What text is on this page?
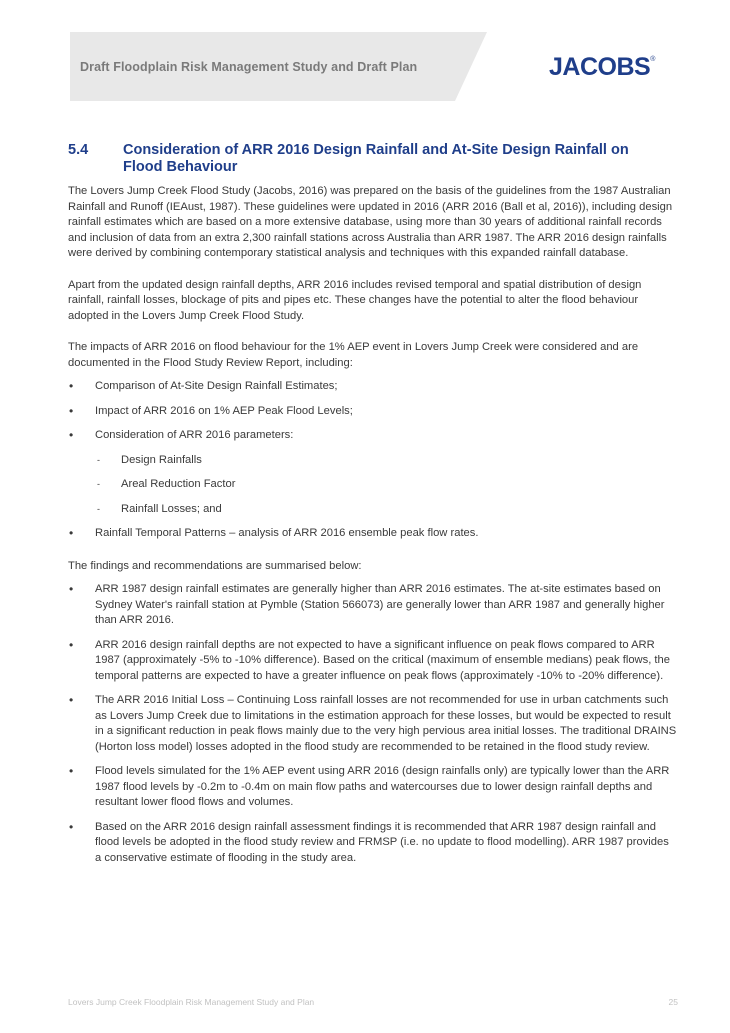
Draft Floodplain Risk Management Study and Draft Plan	JACOBS®
5.4	Consideration of ARR 2016 Design Rainfall and At-Site Design Rainfall on Flood Behaviour

The Lovers Jump Creek Flood Study (Jacobs, 2016) was prepared on the basis of the guidelines from the 1987 Australian Rainfall and Runoff (IEAust, 1987). These guidelines were updated in 2016 (ARR 2016 (Ball et al, 2016)), including design rainfall estimates which are based on a more extensive database, using more than 30 years of additional rainfall records and inclusion of data from an extra 2,300 rainfall stations across Australia than ARR 1987. The ARR 2016 design rainfalls were derived by combining contemporary statistical analysis and techniques with this expanded rainfall database.

Apart from the updated design rainfall depths, ARR 2016 includes revised temporal and spatial distribution of design rainfall, rainfall losses, blockage of pits and pipes etc. These changes have the potential to alter the flood behaviour adopted in the Lovers Jump Creek Flood Study.

The impacts of ARR 2016 on flood behaviour for the 1% AEP event in Lovers Jump Creek were considered and are documented in the Flood Study Review Report, including:

• Comparison of At-Site Design Rainfall Estimates;
• Impact of ARR 2016 on 1% AEP Peak Flood Levels;
• Consideration of ARR 2016 parameters:
- Design Rainfalls
- Areal Reduction Factor
- Rainfall Losses; and
• Rainfall Temporal Patterns – analysis of ARR 2016 ensemble peak flow rates.

The findings and recommendations are summarised below:

• ARR 1987 design rainfall estimates are generally higher than ARR 2016 estimates. The at-site estimates based on Sydney Water's rainfall station at Pymble (Station 566073) are generally lower than ARR 1987 and generally higher than ARR 2016.
• ARR 2016 design rainfall depths are not expected to have a significant influence on peak flows compared to ARR 1987 (approximately -5% to -10% difference). Based on the critical (maximum of ensemble medians) peak flows, the temporal patterns are expected to have a greater influence on peak flows (approximately -10% to -20% difference).
• The ARR 2016 Initial Loss – Continuing Loss rainfall losses are not recommended for use in urban catchments such as Lovers Jump Creek due to limitations in the estimation approach for these losses, but would be expected to result in a significant reduction in peak flows mainly due to the very high pervious area initial losses. The traditional DRAINS (Horton loss model) losses adopted in the flood study are recommended to be retained in the flood study review.
• Flood levels simulated for the 1% AEP event using ARR 2016 (design rainfalls only) are typically lower than the ARR 1987 flood levels by -0.2m to -0.4m on main flow paths and watercourses due to lower design rainfall depths and resultant lower flood flows and volumes.
• Based on the ARR 2016 design rainfall assessment findings it is recommended that ARR 1987 design rainfall and flood levels be adopted in the flood study review and FRMSP (i.e. no update to flood modelling). ARR 1987 provides a conservative estimate of flooding in the study area.
Lovers Jump Creek Floodplain Risk Management Study and Plan	25
